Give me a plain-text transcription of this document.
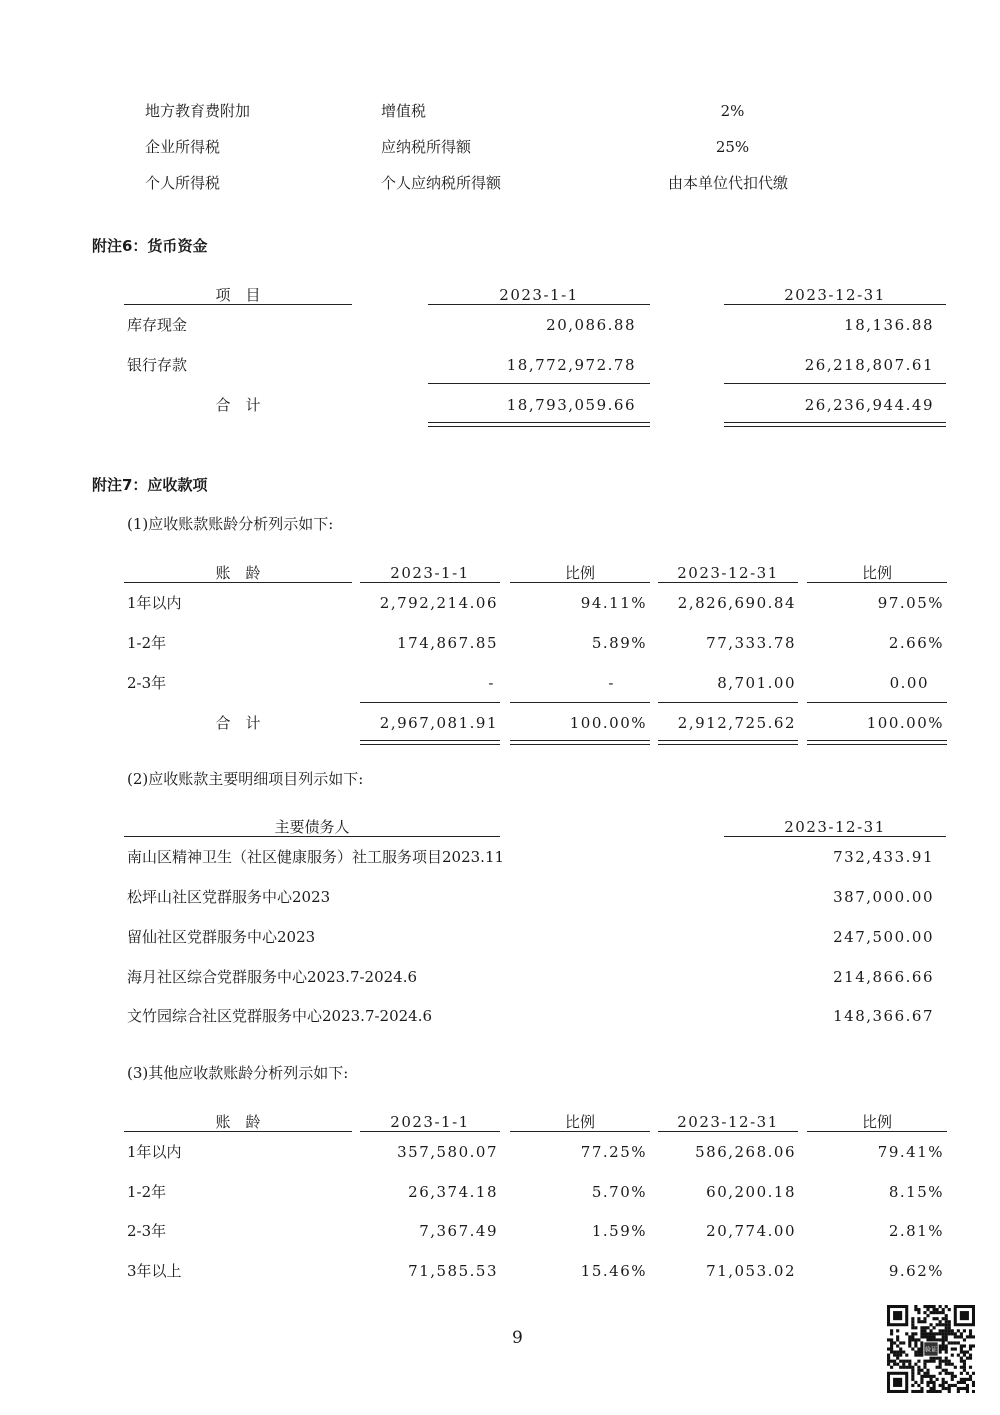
地方教育费附加	增值税	2%
企业所得税	应纳税所得额	25%
个人所得税	个人应纳税所得额	由本单位代扣代缴
附注6：货币资金
项　目	2023-1-1	2023-12-31
库存现金	20,086.88	18,136.88
银行存款	18,772,972.78	26,218,807.61
合　计	18,793,059.66	26,236,944.49
附注7：应收款项
(1)应收账款账龄分析列示如下:
账　龄	2023-1-1	比例	2023-12-31	比例
1年以内	2,792,214.06	94.11%	2,826,690.84	97.05%
1-2年	174,867.85	5.89%	77,333.78	2.66%
2-3年	-	-	8,701.00	0.00
合　计	2,967,081.91	100.00%	2,912,725.62	100.00%
(2)应收账款主要明细项目列示如下:
主要债务人	2023-12-31
南山区精神卫生（社区健康服务）社工服务项目2023.11	732,433.91
松坪山社区党群服务中心2023	387,000.00
留仙社区党群服务中心2023	247,500.00
海月社区综合党群服务中心2023.7-2024.6	214,866.66
文竹园综合社区党群服务中心2023.7-2024.6	148,366.67
(3)其他应收款账龄分析列示如下:
账　龄	2023-1-1	比例	2023-12-31	比例
1年以内	357,580.07	77.25%	586,268.06	79.41%
1-2年	26,374.18	5.70%	60,200.18	8.15%
2-3年	7,367.49	1.59%	20,774.00	2.81%
3年以上	71,585.53	15.46%	71,053.02	9.62%
9
验证
